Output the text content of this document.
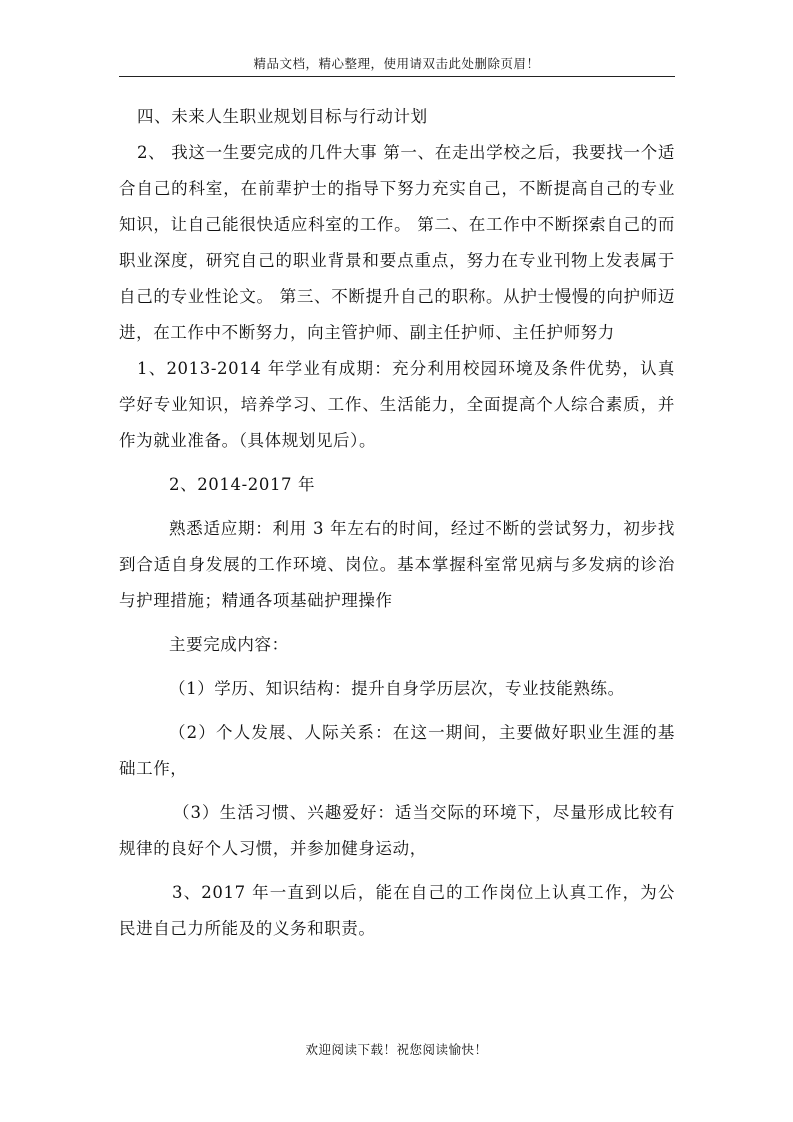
精品文档，精心整理，使用请双击此处删除页眉！

四、未来人生职业规划目标与行动计划

2、 我这一生要完成的几件大事 第一、在走出学校之后，我要找一个适合自己的科室，在前辈护士的指导下努力充实自己，不断提高自己的专业知识，让自己能很快适应科室的工作。 第二、在工作中不断探索自己的而职业深度，研究自己的职业背景和要点重点，努力在专业刊物上发表属于自己的专业性论文。 第三、不断提升自己的职称。从护士慢慢的向护师迈进，在工作中不断努力，向主管护师、副主任护师、主任护师努力

1、2013-2014 年学业有成期：充分利用校园环境及条件优势，认真学好专业知识，培养学习、工作、生活能力，全面提高个人综合素质，并作为就业准备。（具体规划见后）。

2、2014-2017 年

熟悉适应期：利用 3 年左右的时间，经过不断的尝试努力，初步找到合适自身发展的工作环境、岗位。基本掌握科室常见病与多发病的诊治与护理措施；精通各项基础护理操作

主要完成内容：

（1）学历、知识结构：提升自身学历层次，专业技能熟练。

（2）个人发展、人际关系：在这一期间，主要做好职业生涯的基础工作，

（3）生活习惯、兴趣爱好：适当交际的环境下，尽量形成比较有规律的良好个人习惯，并参加健身运动，

3、2017 年一直到以后，能在自己的工作岗位上认真工作，为公民进自己力所能及的义务和职责。

欢迎阅读下载！祝您阅读愉快！
